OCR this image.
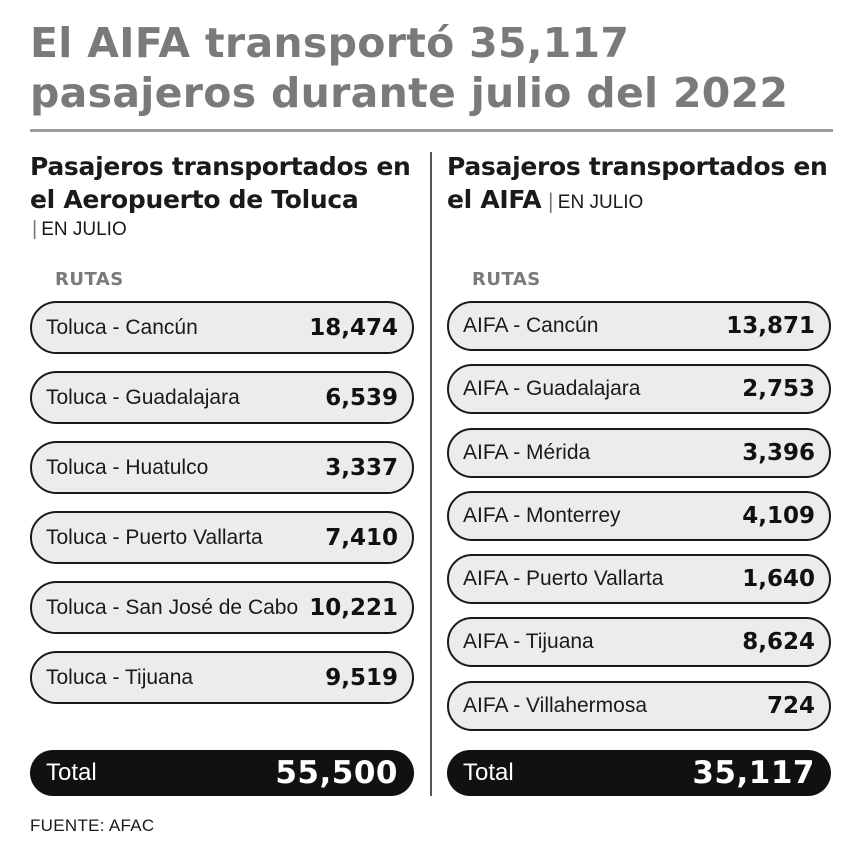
El AIFA transportó 35,117 pasajeros durante julio del 2022
Pasajeros transportados en el Aeropuerto de Toluca
| EN JULIO
RUTAS
Toluca - Cancún	18,474
Toluca - Guadalajara	6,539
Toluca - Huatulco	3,337
Toluca - Puerto Vallarta	7,410
Toluca - San José de Cabo 10,221
Toluca - Tijuana	9,519
Total	55,500
Pasajeros transportados en el AIFA | EN JULIO
RUTAS
AIFA - Cancún	13,871
AIFA - Guadalajara	2,753
AIFA - Mérida	3,396
AIFA - Monterrey	4,109
AIFA - Puerto Vallarta	1,640
AIFA - Tijuana	8,624
AIFA - Villahermosa	724
Total	35,117
FUENTE: AFAC
